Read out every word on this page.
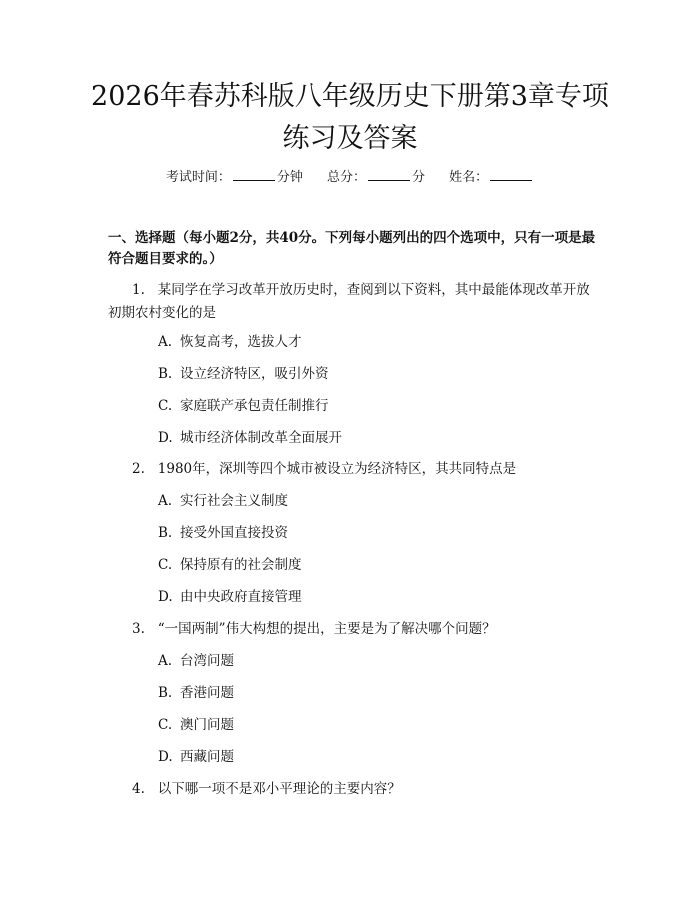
2026年春苏科版八年级历史下册第3章专项
练习及答案
考试时间：	分钟 总分：	分 姓名：
一、选择题（每小题2分，共40分。下列每小题列出的四个选项中，只有一项是最符合题目要求的。）
1. 某同学在学习改革开放历史时，查阅到以下资料，其中最能体现改革开放初期农村变化的是
A. 恢复高考，选拔人才
B. 设立经济特区，吸引外资
C. 家庭联产承包责任制推行
D. 城市经济体制改革全面展开
2. 1980年，深圳等四个城市被设立为经济特区，其共同特点是
A. 实行社会主义制度
B. 接受外国直接投资
C. 保持原有的社会制度
D. 由中央政府直接管理
3. “一国两制”伟大构想的提出，主要是为了解决哪个问题？
A. 台湾问题
B. 香港问题
C. 澳门问题
D. 西藏问题
4. 以下哪一项不是邓小平理论的主要内容？
